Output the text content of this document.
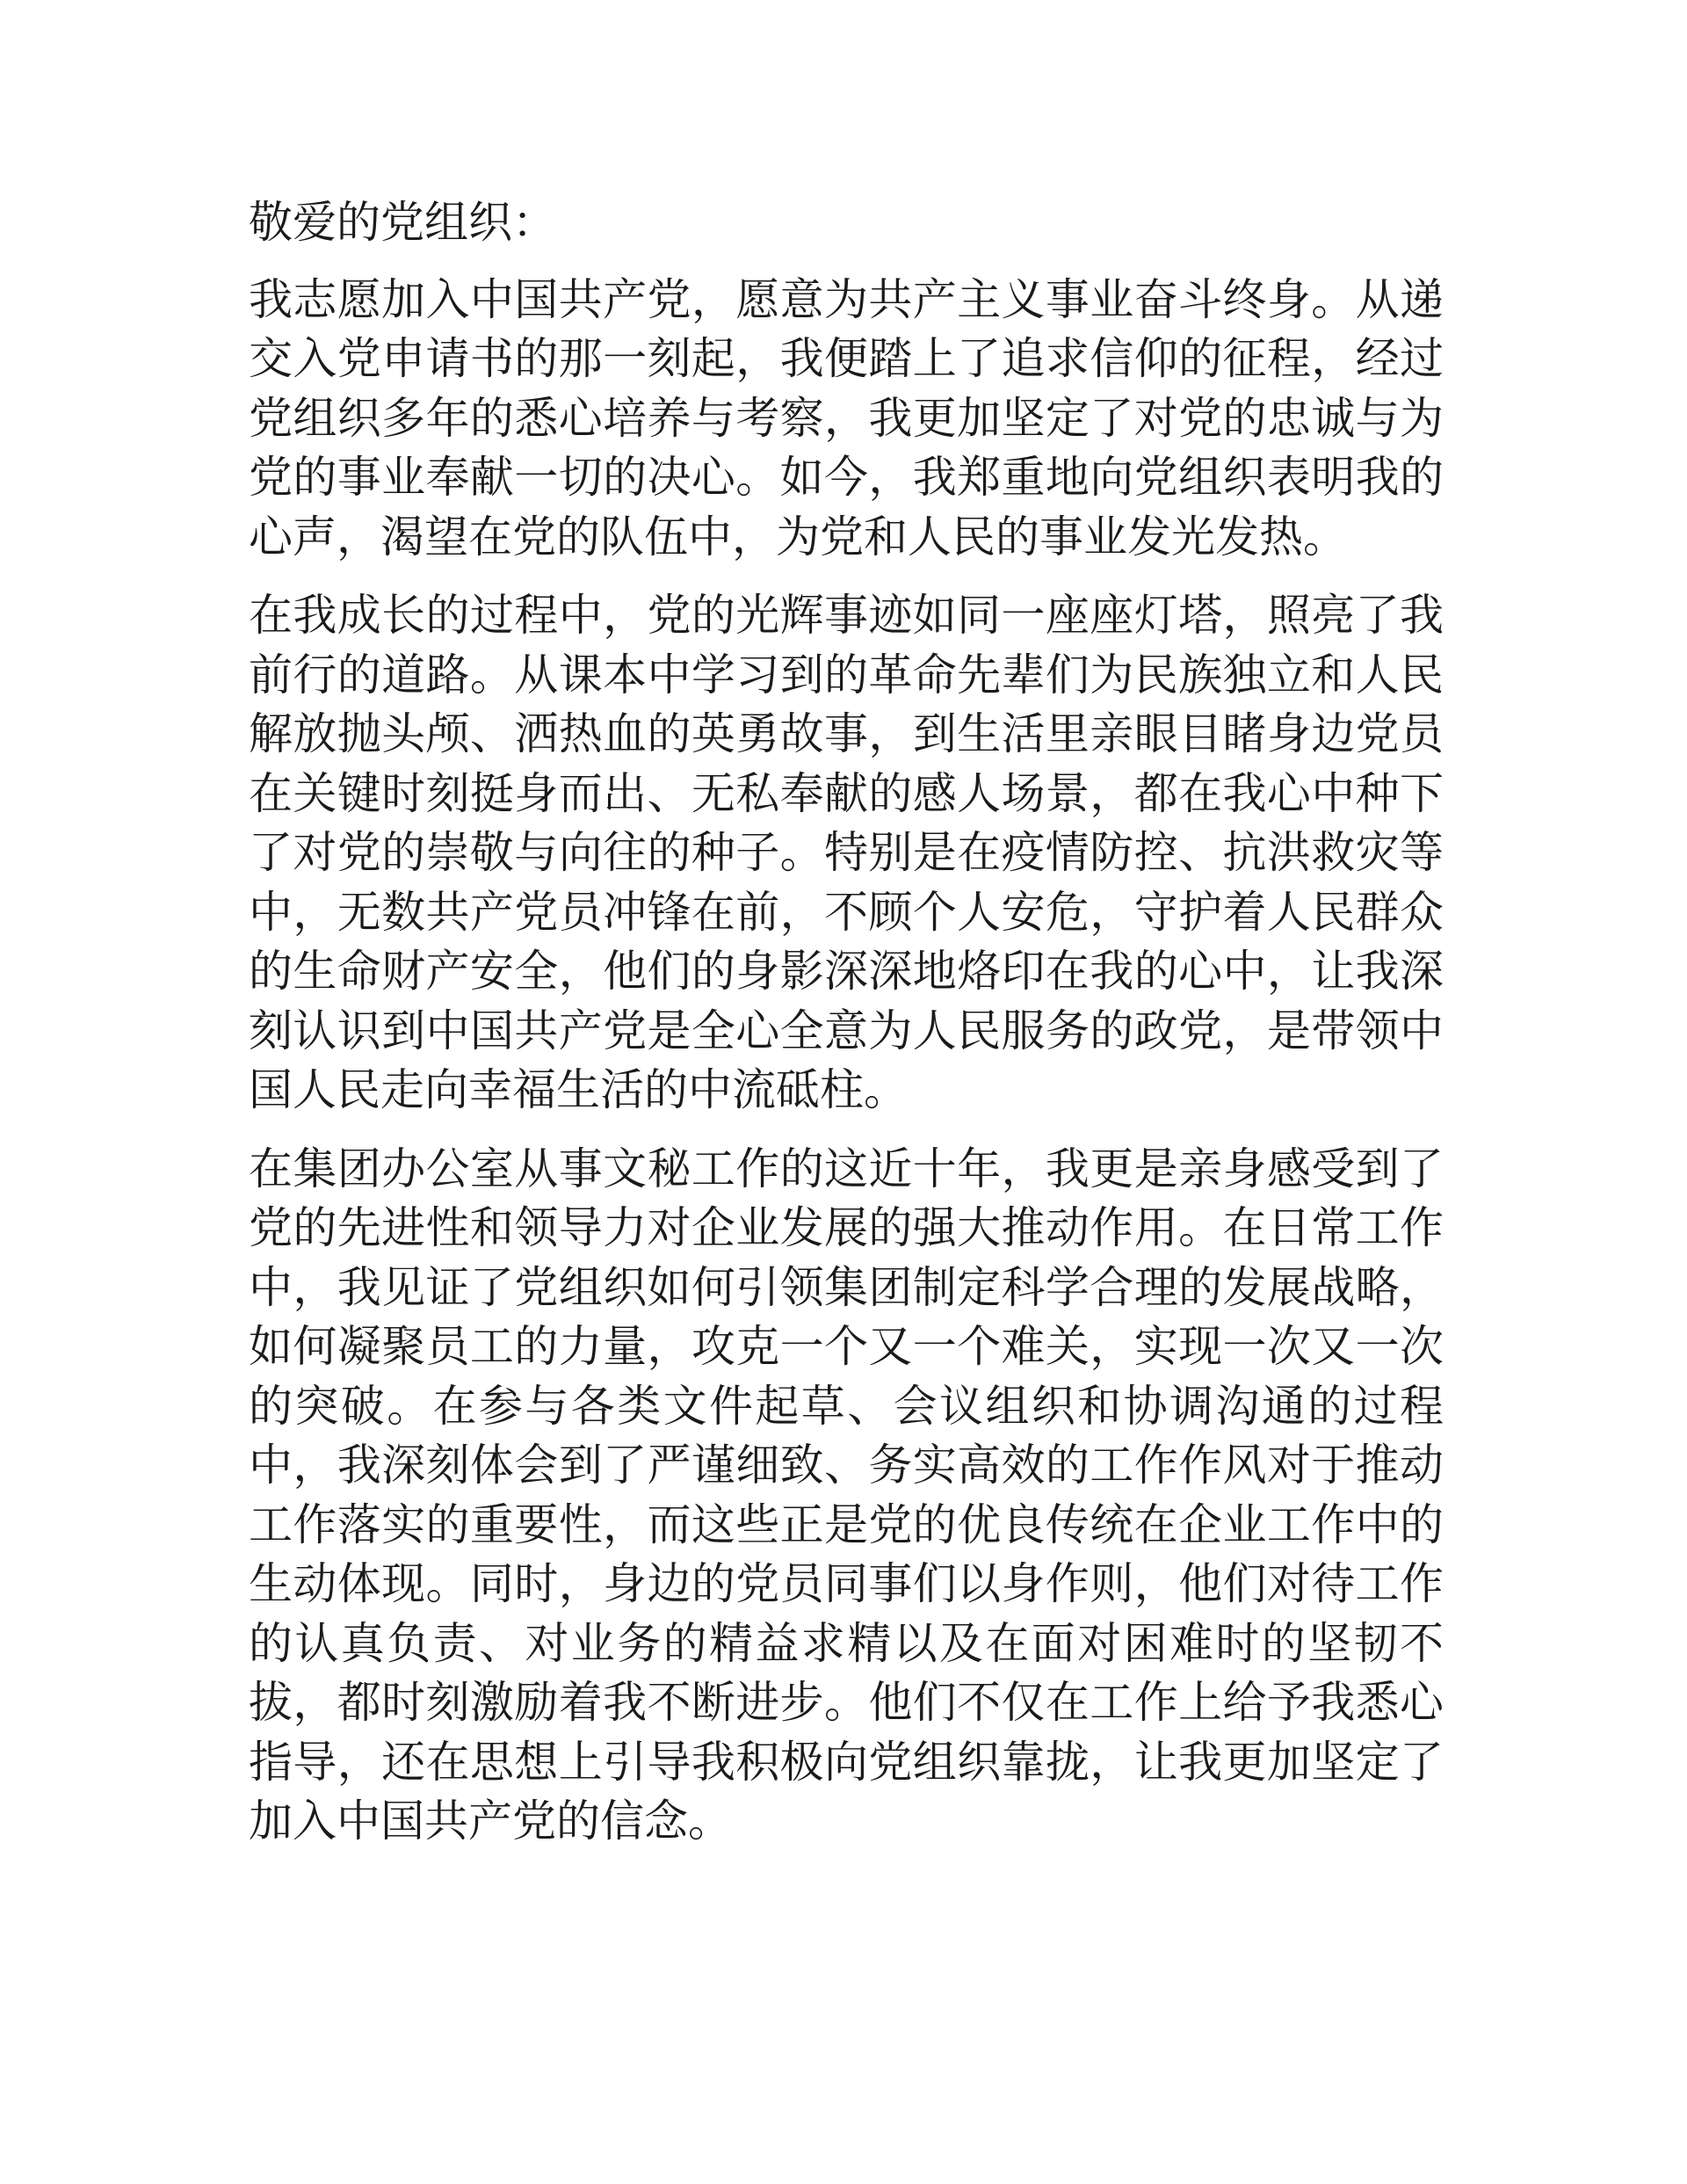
敬爱的党组织：

我志愿加入中国共产党，愿意为共产主义事业奋斗终身。从递交入党申请书的那一刻起，我便踏上了追求信仰的征程，经过党组织多年的悉心培养与考察，我更加坚定了对党的忠诚与为党的事业奉献一切的决心。如今，我郑重地向党组织表明我的心声，渴望在党的队伍中，为党和人民的事业发光发热。

在我成长的过程中，党的光辉事迹如同一座座灯塔，照亮了我前行的道路。从课本中学习到的革命先辈们为民族独立和人民解放抛头颅、洒热血的英勇故事，到生活里亲眼目睹身边党员在关键时刻挺身而出、无私奉献的感人场景，都在我心中种下了对党的崇敬与向往的种子。特别是在疫情防控、抗洪救灾等中，无数共产党员冲锋在前，不顾个人安危，守护着人民群众的生命财产安全，他们的身影深深地烙印在我的心中，让我深刻认识到中国共产党是全心全意为人民服务的政党，是带领中国人民走向幸福生活的中流砥柱。

在集团办公室从事文秘工作的这近十年，我更是亲身感受到了党的先进性和领导力对企业发展的强大推动作用。在日常工作中，我见证了党组织如何引领集团制定科学合理的发展战略，如何凝聚员工的力量，攻克一个又一个难关，实现一次又一次的突破。在参与各类文件起草、会议组织和协调沟通的过程中，我深刻体会到了严谨细致、务实高效的工作作风对于推动工作落实的重要性，而这些正是党的优良传统在企业工作中的生动体现。同时，身边的党员同事们以身作则，他们对待工作的认真负责、对业务的精益求精以及在面对困难时的坚韧不拔，都时刻激励着我不断进步。他们不仅在工作上给予我悉心指导，还在思想上引导我积极向党组织靠拢，让我更加坚定了加入中国共产党的信念。
